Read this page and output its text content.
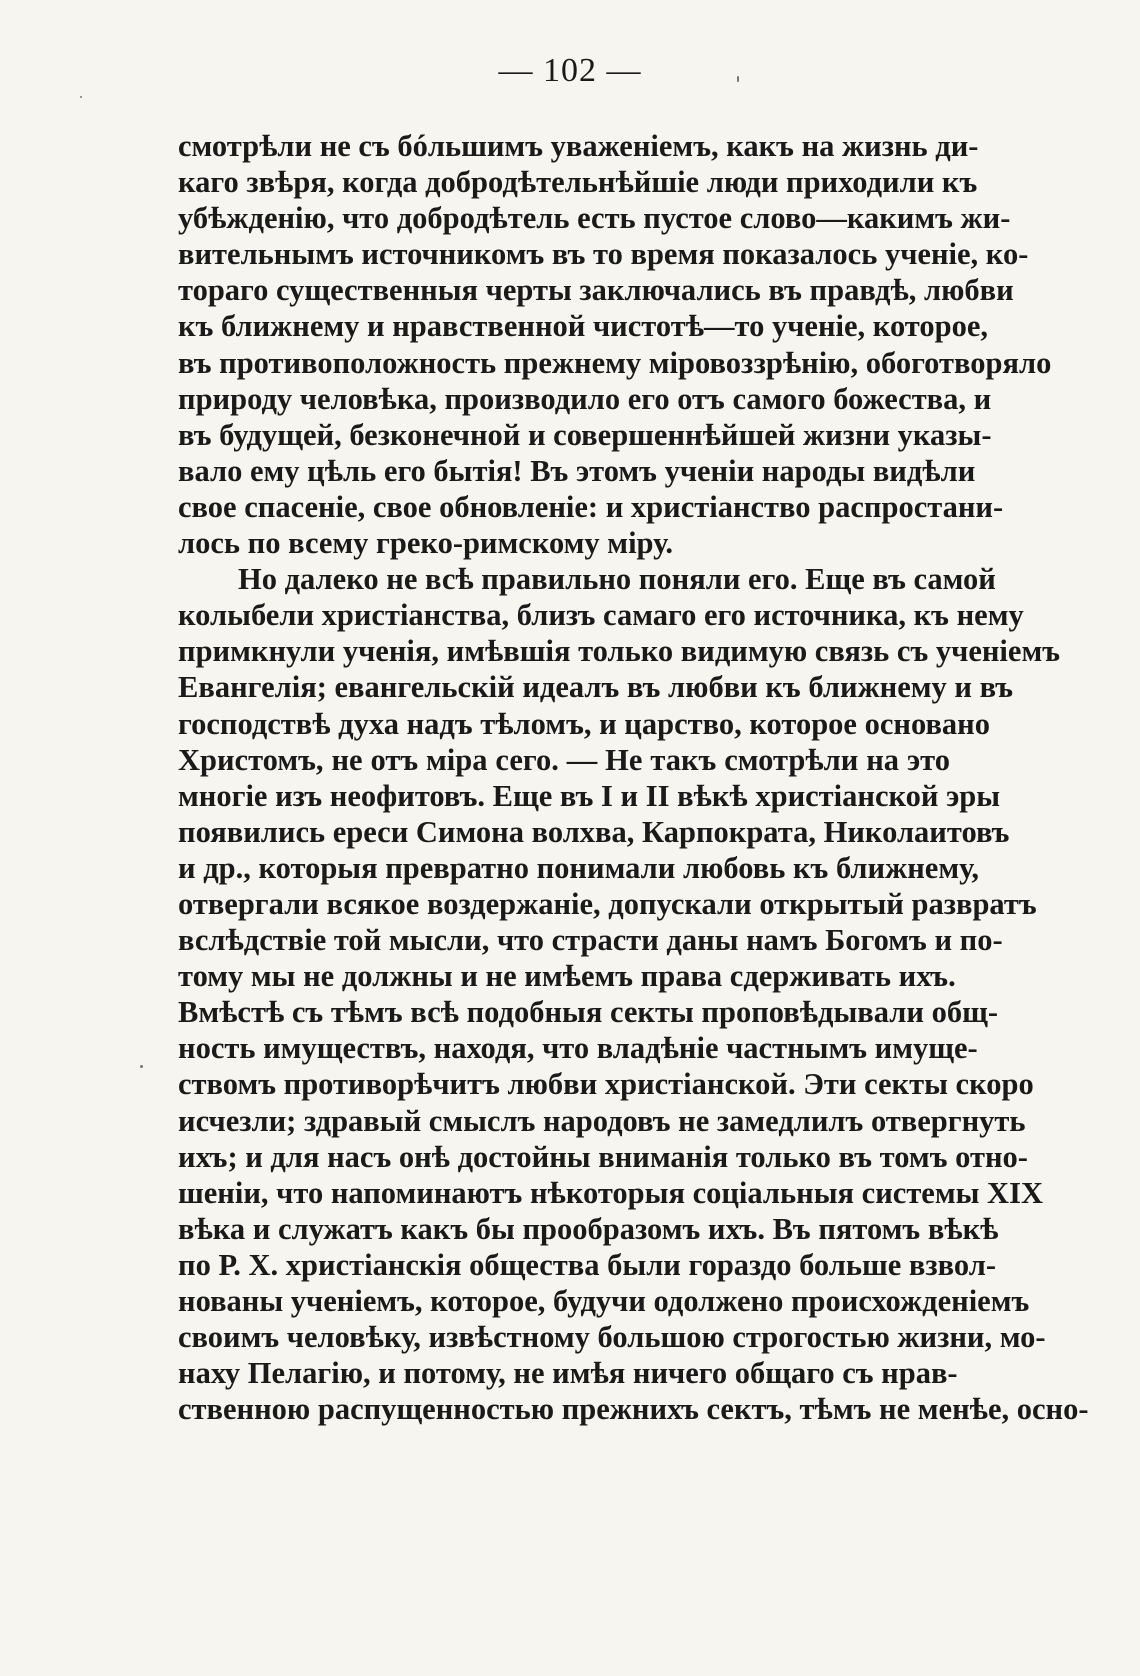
— 102 —
смотрѣли не съ бóльшимъ уваженіемъ, какъ на жизнь ди-
каго звѣря, когда добродѣтельнѣйшіе люди приходили къ
убѣжденію, что добродѣтель есть пустое слово—какимъ жи-
вительнымъ источникомъ въ то время показалось ученіе, ко-
тораго существенныя черты заключались въ правдѣ, любви
къ ближнему и нравственной чистотѣ—то ученіе, которое,
въ противоположность прежнему міровоззрѣнію, обоготворяло
природу человѣка, производило его отъ самого божества, и
въ будущей, безконечной и совершеннѣйшей жизни указы-
вало ему цѣль его бытія! Въ этомъ ученіи народы видѣли
свое спасеніе, свое обновленіе: и христіанство распростани-
лось по всему греко-римскому міру.
Но далеко не всѣ правильно поняли его. Еще въ самой
колыбели христіанства, близъ самаго его источника, къ нему
примкнули ученія, имѣвшія только видимую связь съ ученіемъ
Евангелія; евангельскій идеалъ въ любви къ ближнему и въ
господствѣ духа надъ тѣломъ, и царство, которое основано
Христомъ, не отъ міра сего. — Не такъ смотрѣли на это
многіе изъ неофитовъ. Еще въ I и II вѣкѣ христіанской эры
появились ереси Симона волхва, Карпократа, Николаитовъ
и др., которыя превратно понимали любовь къ ближнему,
отвергали всякое воздержаніе, допускали открытый развратъ
вслѣдствіе той мысли, что страсти даны намъ Богомъ и по-
тому мы не должны и не имѣемъ права сдерживать ихъ.
Вмѣстѣ съ тѣмъ всѣ подобныя секты проповѣдывали общ-
ность имуществъ, находя, что владѣніе частнымъ имуще-
ствомъ противорѣчитъ любви христіанской. Эти секты скоро
исчезли; здравый смыслъ народовъ не замедлилъ отвергнуть
ихъ; и для насъ онѣ достойны вниманія только въ томъ отно-
шеніи, что напоминаютъ нѣкоторыя соціальныя системы XIX
вѣка и служатъ какъ бы прообразомъ ихъ. Въ пятомъ вѣкѣ
по Р. Х. христіанскія общества были гораздо больше взвол-
нованы ученіемъ, которое, будучи одолжено происхожденіемъ
своимъ человѣку, извѣстному большою строгостью жизни, мо-
наху Пелагію, и потому, не имѣя ничего общаго съ нрав-
ственною распущенностью прежнихъ сектъ, тѣмъ не менѣе, осно-
